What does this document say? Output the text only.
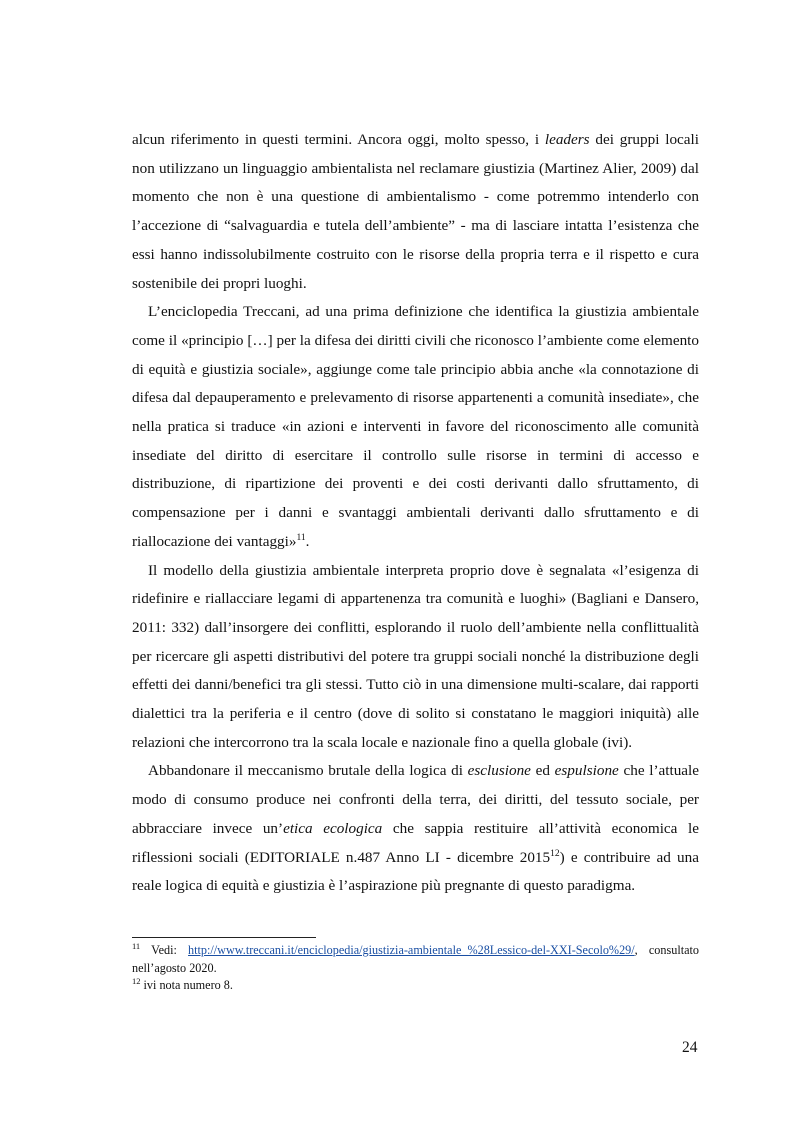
alcun riferimento in questi termini. Ancora oggi, molto spesso, i leaders dei gruppi locali non utilizzano un linguaggio ambientalista nel reclamare giustizia (Martinez Alier, 2009) dal momento che non è una questione di ambientalismo - come potremmo intenderlo con l’accezione di “salvaguardia e tutela dell’ambiente” - ma di lasciare intatta l’esistenza che essi hanno indissolubilmente costruito con le risorse della propria terra e il rispetto e cura sostenibile dei propri luoghi.

L’enciclopedia Treccani, ad una prima definizione che identifica la giustizia ambientale come il «principio […] per la difesa dei diritti civili che riconosco l’ambiente come elemento di equità e giustizia sociale», aggiunge come tale principio abbia anche «la connotazione di difesa dal depauperamento e prelevamento di risorse appartenenti a comunità insediate», che nella pratica si traduce «in azioni e interventi in favore del riconoscimento alle comunità insediate del diritto di esercitare il controllo sulle risorse in termini di accesso e distribuzione, di ripartizione dei proventi e dei costi derivanti dallo sfruttamento, di compensazione per i danni e svantaggi ambientali derivanti dallo sfruttamento e di riallocazione dei vantaggi»$^{11}$.

Il modello della giustizia ambientale interpreta proprio dove è segnalata «l’esigenza di ridefinire e riallacciare legami di appartenenza tra comunità e luoghi» (Bagliani e Dansero, 2011: 332) dall’insorgere dei conflitti, esplorando il ruolo dell’ambiente nella conflittualità per ricercare gli aspetti distributivi del potere tra gruppi sociali nonché la distribuzione degli effetti dei danni/benefici tra gli stessi. Tutto ciò in una dimensione multi-scalare, dai rapporti dialettici tra la periferia e il centro (dove di solito si constatano le maggiori iniquità) alle relazioni che intercorrono tra la scala locale e nazionale fino a quella globale (ivi).

Abbandonare il meccanismo brutale della logica di esclusione ed espulsione che l’attuale modo di consumo produce nei confronti della terra, dei diritti, del tessuto sociale, per abbracciare invece un’etica ecologica che sappia restituire all’attività economica le riflessioni sociali (EDITORIALE n.487 Anno LI - dicembre 2015$^{12}$) e contribuire ad una reale logica di equità e giustizia è l’aspirazione più pregnante di questo paradigma.

$^{11}$ Vedi: http://www.treccani.it/enciclopedia/giustizia-ambientale_%28Lessico-del-XXI-Secolo%29/, consultato nell’agosto 2020.

$^{12}$ ivi nota numero 8.

24
